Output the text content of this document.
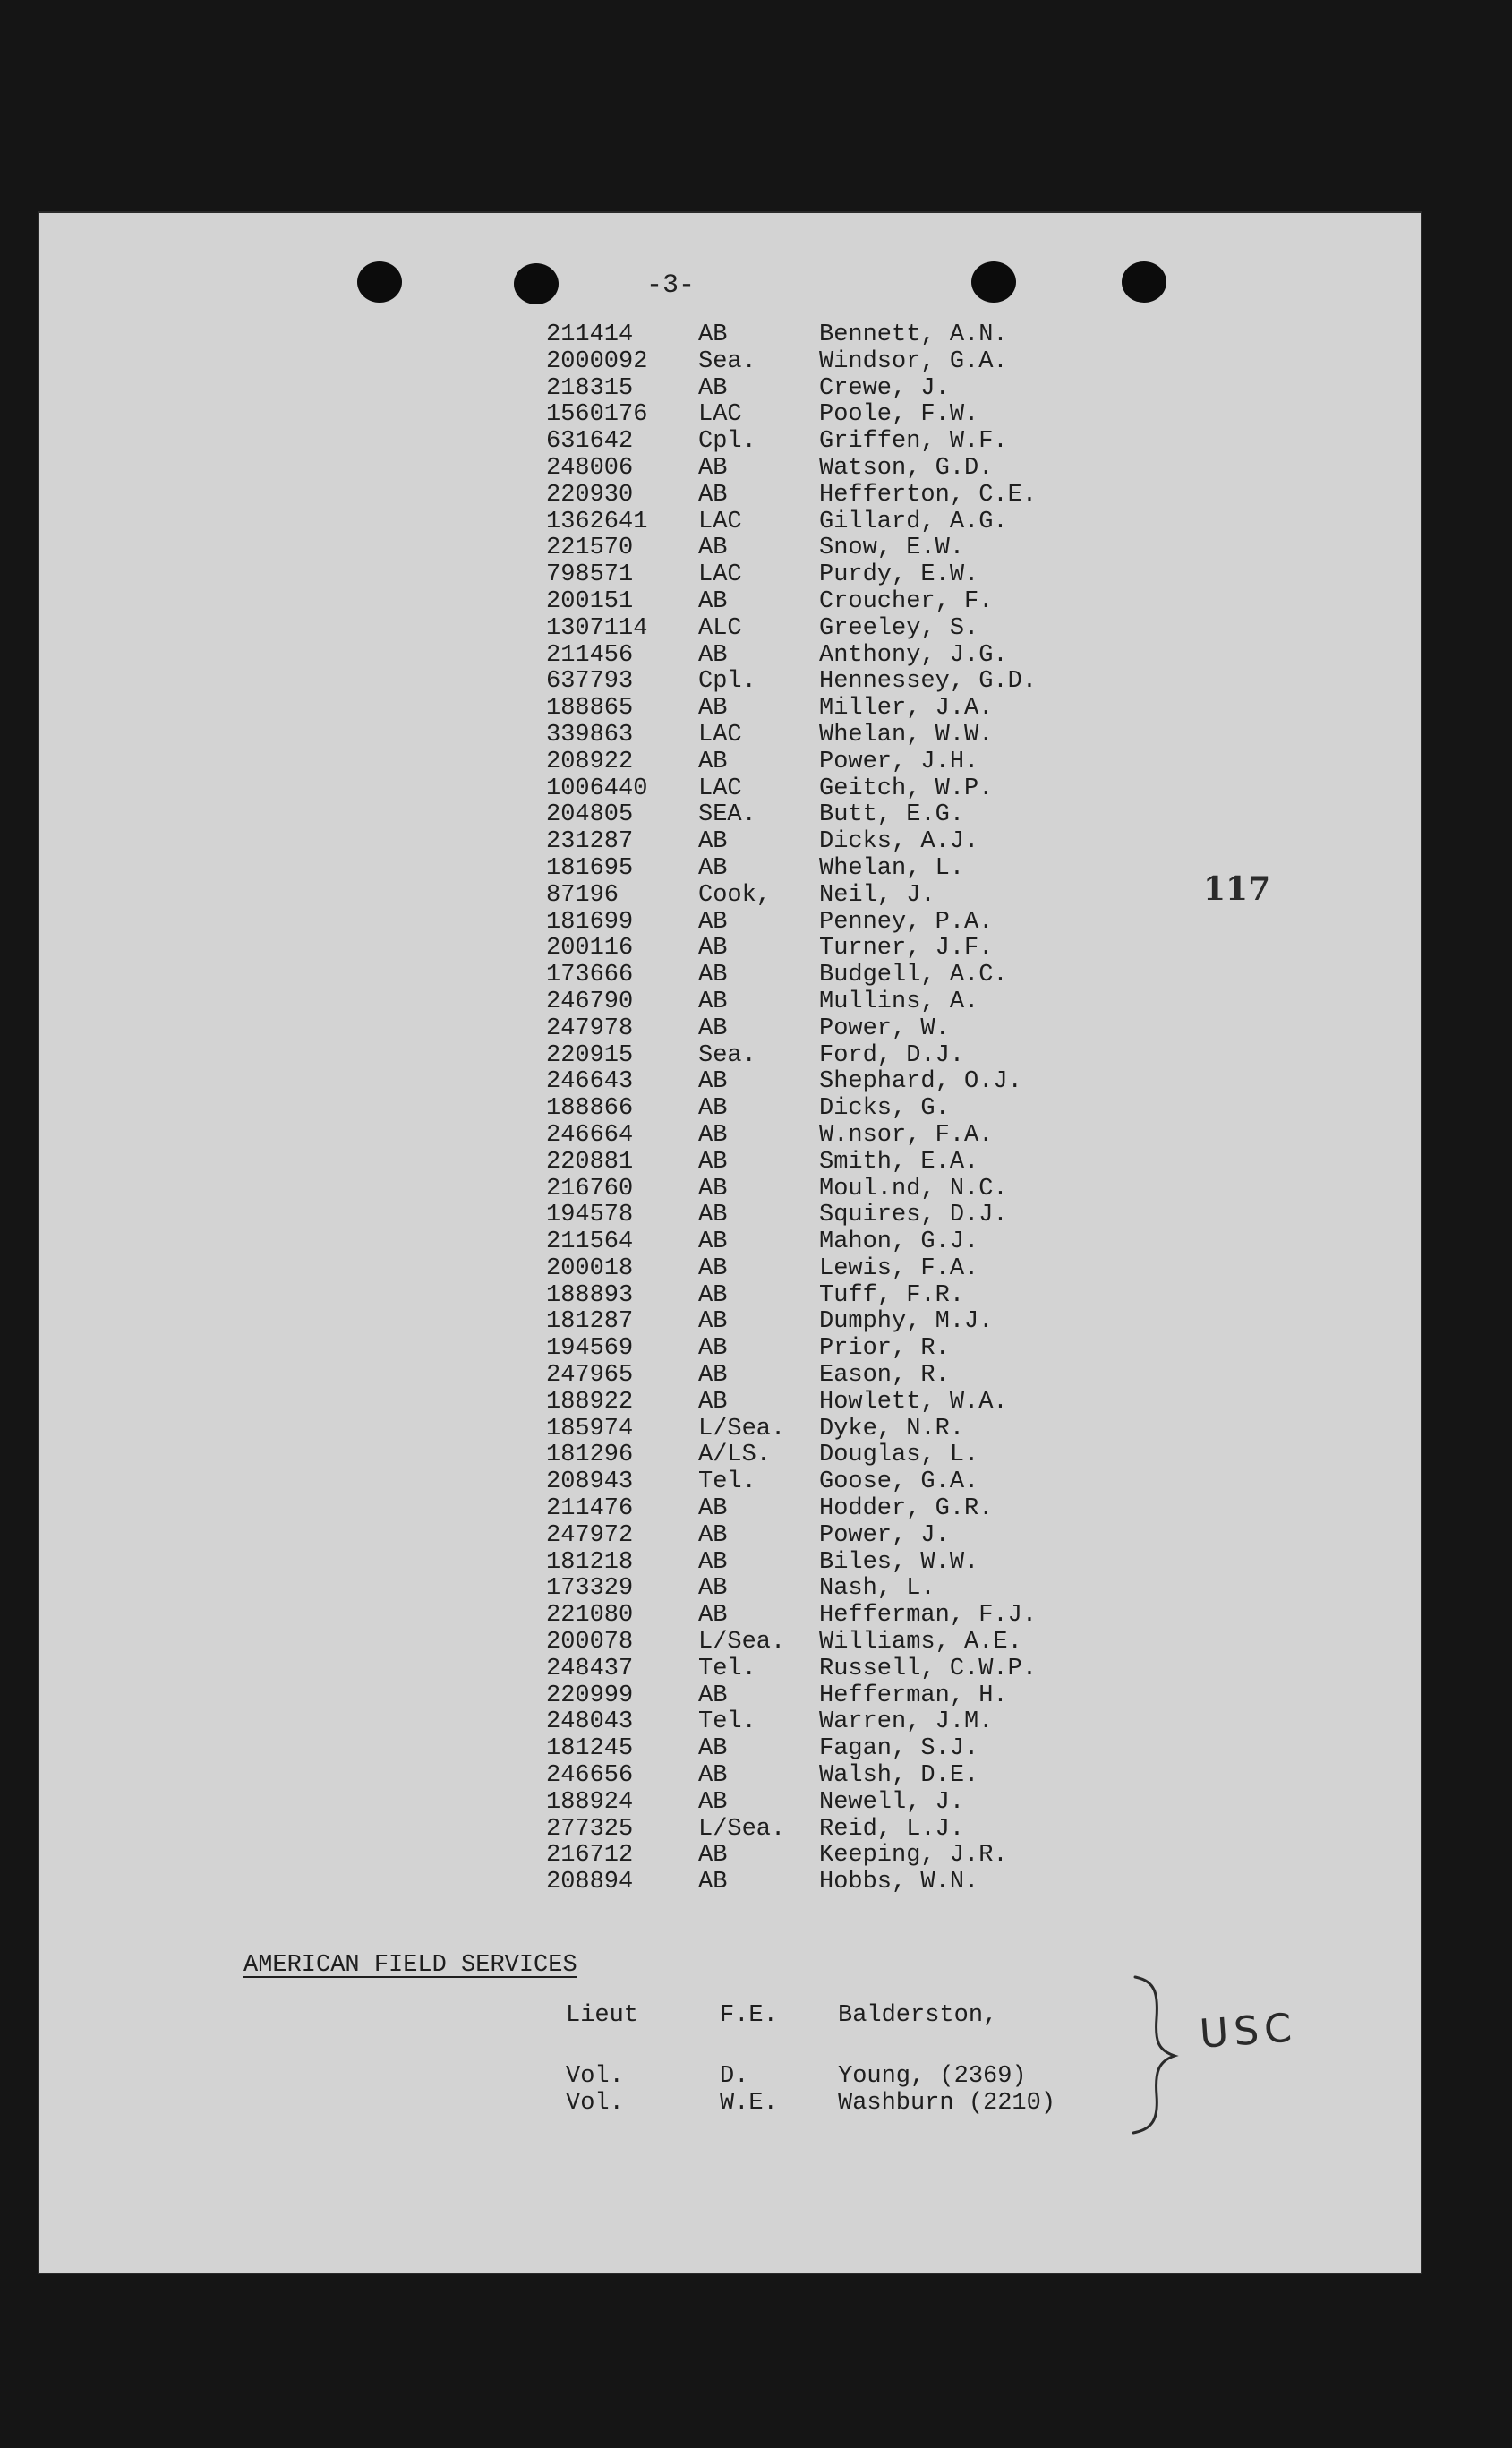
-3-
117
211414	AB	Bennett, A.N.
2000092	Sea.	Windsor, G.A.
218315	AB	Crewe, J.
1560176	LAC	Poole, F.W.
631642	Cpl.	Griffen, W.F.
248006	AB	Watson, G.D.
220930	AB	Hefferton, C.E.
1362641	LAC	Gillard, A.G.
221570	AB	Snow, E.W.
798571	LAC	Purdy, E.W.
200151	AB	Croucher, F.
1307114	ALC	Greeley, S.
211456	AB	Anthony, J.G.
637793	Cpl.	Hennessey, G.D.
188865	AB	Miller, J.A.
339863	LAC	Whelan, W.W.
208922	AB	Power, J.H.
1006440	LAC	Geitch, W.P.
204805	SEA.	Butt, E.G.
231287	AB	Dicks, A.J.
181695	AB	Whelan, L.
87196	Cook,	Neil, J.
181699	AB	Penney, P.A.
200116	AB	Turner, J.F.
173666	AB	Budgell, A.C.
246790	AB	Mullins, A.
247978	AB	Power, W.
220915	Sea.	Ford, D.J.
246643	AB	Shephard, O.J.
188866	AB	Dicks, G.
246664	AB	W.nsor, F.A.
220881	AB	Smith, E.A.
216760	AB	Moul.nd, N.C.
194578	AB	Squires, D.J.
211564	AB	Mahon, G.J.
200018	AB	Lewis, F.A.
188893	AB	Tuff, F.R.
181287	AB	Dumphy, M.J.
194569	AB	Prior, R.
247965	AB	Eason, R.
188922	AB	Howlett, W.A.
185974	L/Sea.	Dyke, N.R.
181296	A/LS.	Douglas, L.
208943	Tel.	Goose, G.A.
211476	AB	Hodder, G.R.
247972	AB	Power, J.
181218	AB	Biles, W.W.
173329	AB	Nash, L.
221080	AB	Hefferman, F.J.
200078	L/Sea.	Williams, A.E.
248437	Tel.	Russell, C.W.P.
220999	AB	Hefferman, H.
248043	Tel.	Warren, J.M.
181245	AB	Fagan, S.J.
246656	AB	Walsh, D.E.
188924	AB	Newell, J.
277325	L/Sea.	Reid, L.J.
216712	AB	Keeping, J.R.
208894	AB	Hobbs, W.N.
AMERICAN FIELD SERVICES
Lieut	F.E.	Balderston,
Vol.	D.	Young, (2369)
Vol.	W.E.	Washburn (2210)
USC
